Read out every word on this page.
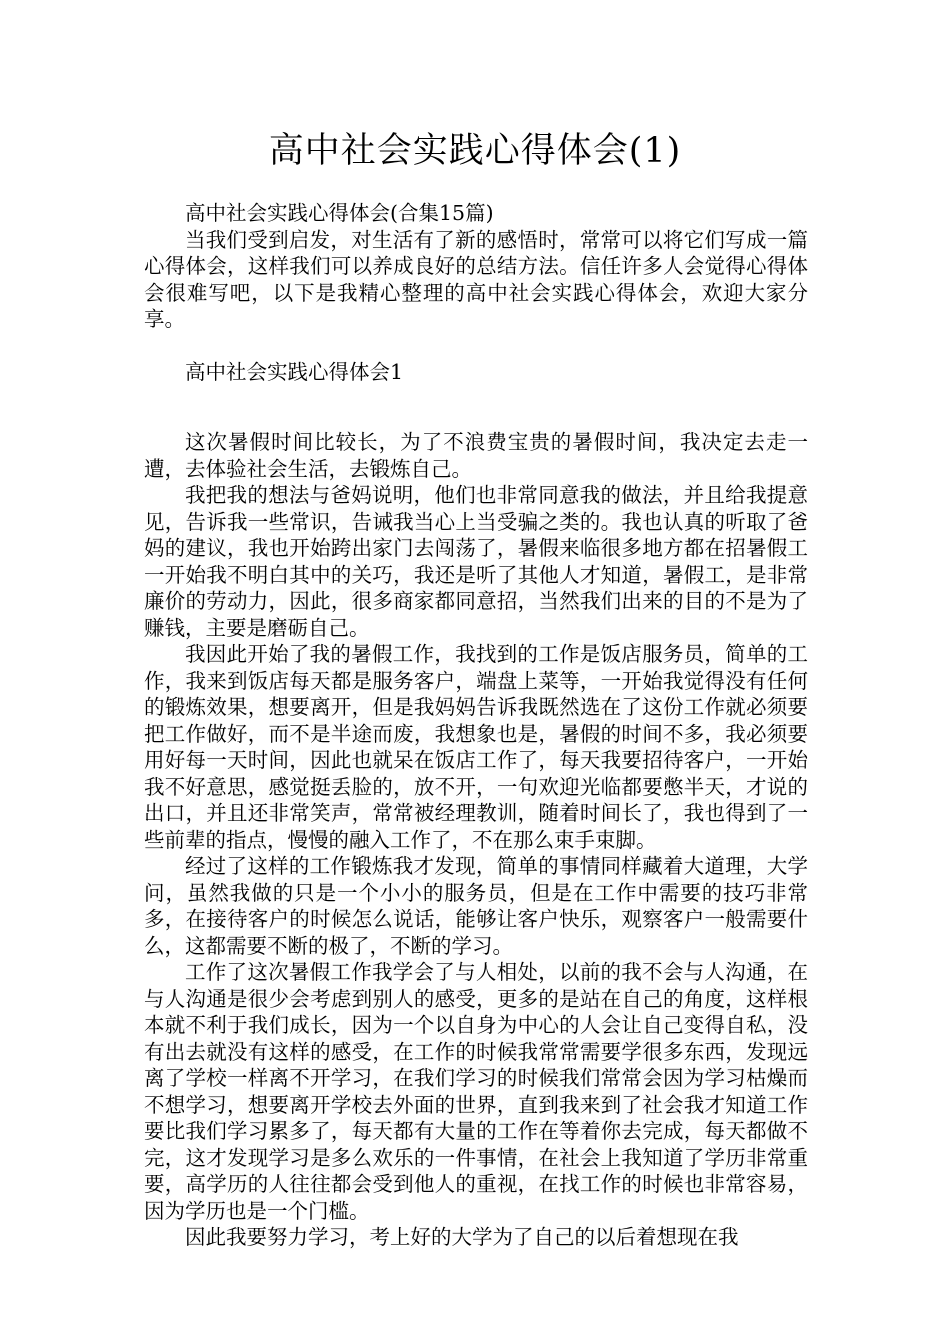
高中社会实践心得体会(1)

高中社会实践心得体会(合集15篇)

当我们受到启发，对生活有了新的感悟时，常常可以将它们写成一篇心得体会，这样我们可以养成良好的总结方法。信任许多人会觉得心得体会很难写吧，以下是我精心整理的高中社会实践心得体会，欢迎大家分享。

高中社会实践心得体会1

这次暑假时间比较长，为了不浪费宝贵的暑假时间，我决定去走一遭，去体验社会生活，去锻炼自己。

我把我的想法与爸妈说明，他们也非常同意我的做法，并且给我提意见，告诉我一些常识，告诫我当心上当受骗之类的。我也认真的听取了爸妈的建议，我也开始跨出家门去闯荡了，暑假来临很多地方都在招暑假工一开始我不明白其中的关巧，我还是听了其他人才知道，暑假工，是非常廉价的劳动力，因此，很多商家都同意招，当然我们出来的目的不是为了赚钱，主要是磨砺自己。

我因此开始了我的暑假工作，我找到的工作是饭店服务员，简单的工作，我来到饭店每天都是服务客户，端盘上菜等，一开始我觉得没有任何的锻炼效果，想要离开，但是我妈妈告诉我既然选在了这份工作就必须要把工作做好，而不是半途而废，我想象也是，暑假的时间不多，我必须要用好每一天时间，因此也就呆在饭店工作了，每天我要招待客户，一开始我不好意思，感觉挺丢脸的，放不开，一句欢迎光临都要憋半天，才说的出口，并且还非常笑声，常常被经理教训，随着时间长了，我也得到了一些前辈的指点，慢慢的融入工作了，不在那么束手束脚。

经过了这样的工作锻炼我才发现，简单的事情同样藏着大道理，大学问，虽然我做的只是一个小小的服务员，但是在工作中需要的技巧非常多，在接待客户的时候怎么说话，能够让客户快乐，观察客户一般需要什么，这都需要不断的极了，不断的学习。

工作了这次暑假工作我学会了与人相处，以前的我不会与人沟通，在与人沟通是很少会考虑到别人的感受，更多的是站在自己的角度，这样根本就不利于我们成长，因为一个以自身为中心的人会让自己变得自私，没有出去就没有这样的感受，在工作的时候我常常需要学很多东西，发现远离了学校一样离不开学习，在我们学习的时候我们常常会因为学习枯燥而不想学习，想要离开学校去外面的世界，直到我来到了社会我才知道工作要比我们学习累多了，每天都有大量的工作在等着你去完成，每天都做不完，这才发现学习是多么欢乐的一件事情，在社会上我知道了学历非常重要，高学历的人往往都会受到他人的重视，在找工作的时候也非常容易，因为学历也是一个门槛。

因此我要努力学习，考上好的大学为了自己的以后着想现在我
